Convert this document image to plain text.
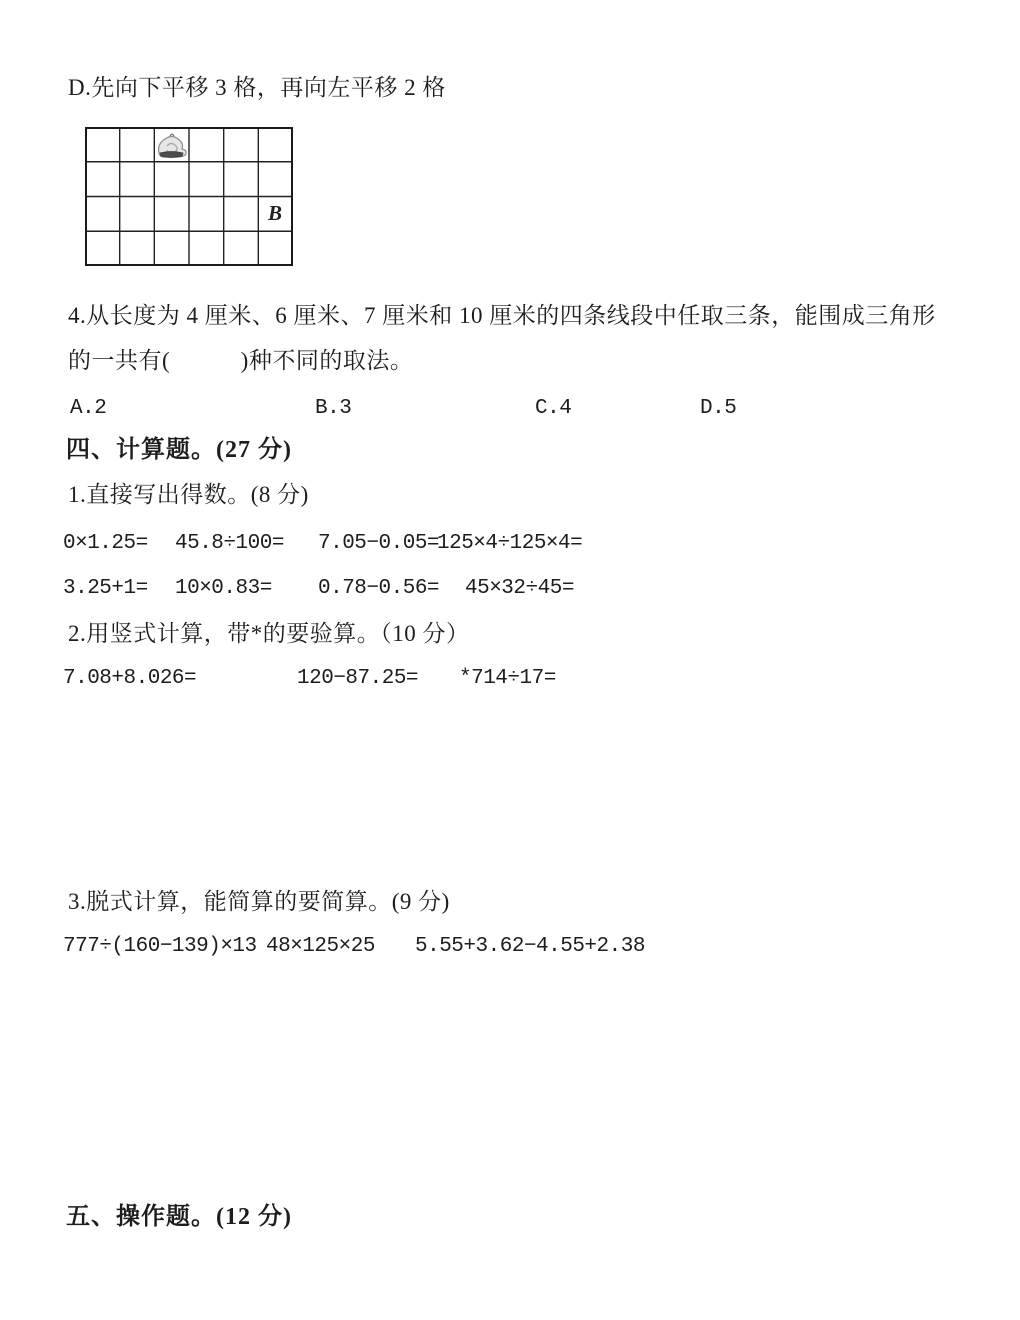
D.先向下平移 3 格，再向左平移 2 格
B
4.从长度为 4 厘米、6 厘米、7 厘米和 10 厘米的四条线段中任取三条，能围成三角形
的一共有(　　　)种不同的取法。
A.2	B.3	C.4	D.5
四、计算题。(27 分)
1.直接写出得数。(8 分)
0×1.25= 45.8÷100= 7.05−0.05=
125×4÷125×4=
3.25+1= 10×0.83= 0.78−0.56= 45×32÷45=
2.用竖式计算，带*的要验算。（10 分）
7.08+8.026=	120−87.25= *714÷17=
3.脱式计算，能简算的要简算。(9 分)
777÷(160−139)×13 48×125×25 5.55+3.62−4.55+2.38
五、操作题。(12 分)
